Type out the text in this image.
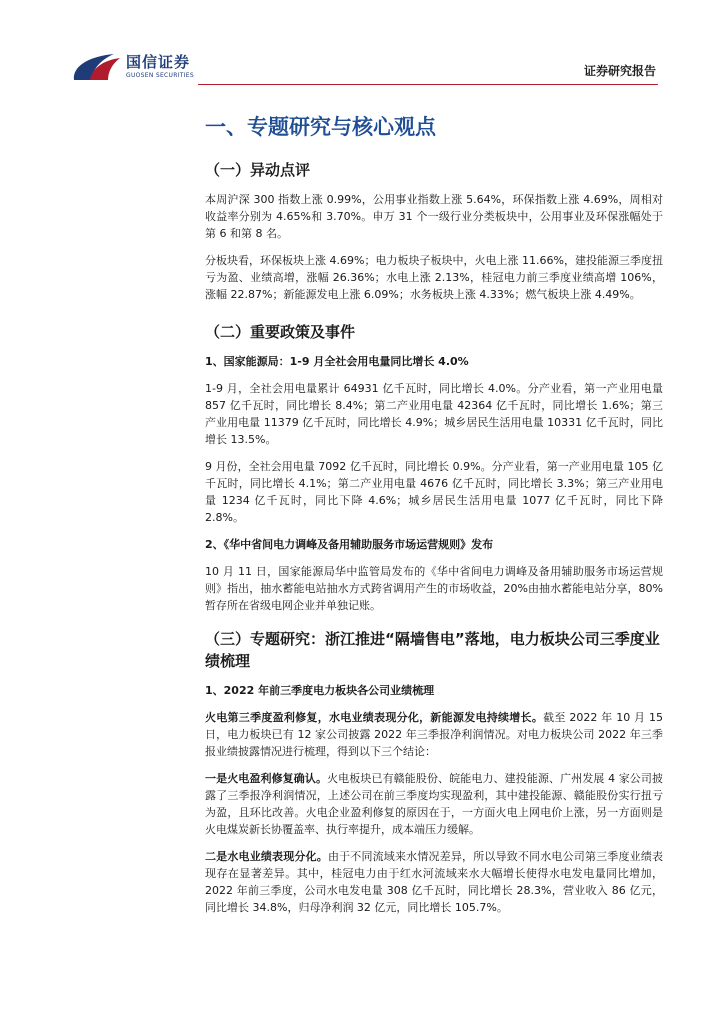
国信证券
GUOSEN SECURITIES	证券研究报告
一、专题研究与核心观点
（一）异动点评

本周沪深 300 指数上涨 0.99%，公用事业指数上涨 5.64%，环保指数上涨 4.69%，周相对收益率分别为 4.65%和 3.70%。申万 31 个一级行业分类板块中，公用事业及环保涨幅处于第 6 和第 8 名。

分板块看，环保板块上涨 4.69%；电力板块子板块中，火电上涨 11.66%，建投能源三季度扭亏为盈、业绩高增，涨幅 26.36%；水电上涨 2.13%，桂冠电力前三季度业绩高增 106%，涨幅 22.87%；新能源发电上涨 6.09%；水务板块上涨 4.33%；燃气板块上涨 4.49%。

（二）重要政策及事件
1、国家能源局：1-9 月全社会用电量同比增长 4.0%

1-9 月，全社会用电量累计 64931 亿千瓦时，同比增长 4.0%。分产业看，第一产业用电量 857 亿千瓦时，同比增长 8.4%；第二产业用电量 42364 亿千瓦时，同比增长 1.6%；第三产业用电量 11379 亿千瓦时，同比增长 4.9%；城乡居民生活用电量 10331 亿千瓦时，同比增长 13.5%。

9 月份，全社会用电量 7092 亿千瓦时，同比增长 0.9%。分产业看，第一产业用电量 105 亿千瓦时，同比增长 4.1%；第二产业用电量 4676 亿千瓦时，同比增长 3.3%；第三产业用电量 1234 亿千瓦时，同比下降 4.6%；城乡居民生活用电量 1077 亿千瓦时，同比下降 2.8%。

2、《华中省间电力调峰及备用辅助服务市场运营规则》发布

10 月 11 日，国家能源局华中监管局发布的《华中省间电力调峰及备用辅助服务市场运营规则》指出，抽水蓄能电站抽水方式跨省调用产生的市场收益，20%由抽水蓄能电站分享，80%暂存所在省级电网企业并单独记账。

（三）专题研究：浙江推进“隔墙售电”落地，电力板块公司三季度业绩梳理
1、2022 年前三季度电力板块各公司业绩梳理

火电第三季度盈利修复，水电业绩表现分化，新能源发电持续增长。截至 2022 年 10 月 15 日，电力板块已有 12 家公司披露 2022 年三季报净利润情况。对电力板块公司 2022 年三季报业绩披露情况进行梳理，得到以下三个结论：

一是火电盈利修复确认。火电板块已有赣能股份、皖能电力、建投能源、广州发展 4 家公司披露了三季报净利润情况，上述公司在前三季度均实现盈利，其中建投能源、赣能股份实行扭亏为盈，且环比改善。火电企业盈利修复的原因在于，一方面火电上网电价上涨，另一方面则是火电煤炭新长协覆盖率、执行率提升，成本端压力缓解。

二是水电业绩表现分化。由于不同流域来水情况差异，所以导致不同水电公司第三季度业绩表现存在显著差异。其中，桂冠电力由于红水河流域来水大幅增长使得水电发电量同比增加，2022 年前三季度，公司水电发电量 308 亿千瓦时，同比增长 28.3%，营业收入 86 亿元，同比增长 34.8%，归母净利润 32 亿元，同比增长 105.7%。
